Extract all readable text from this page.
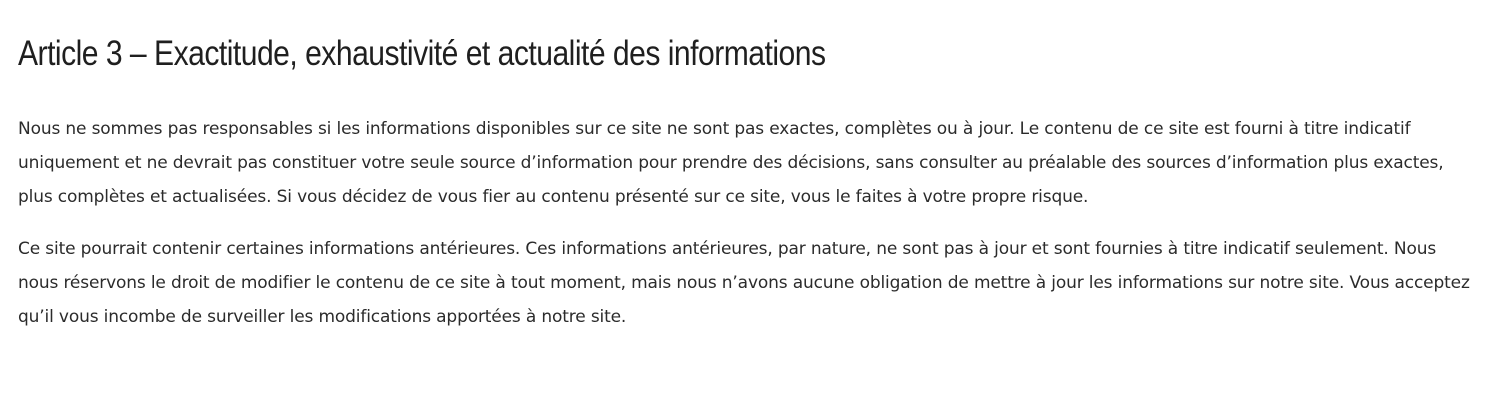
Article 3 – Exactitude, exhaustivité et actualité des informations

Nous ne sommes pas responsables si les informations disponibles sur ce site ne sont pas exactes, complètes ou à jour. Le contenu de ce site est fourni à titre indicatif uniquement et ne devrait pas constituer votre seule source d’information pour prendre des décisions, sans consulter au préalable des sources d’information plus exactes, plus complètes et actualisées. Si vous décidez de vous fier au contenu présenté sur ce site, vous le faites à votre propre risque.

Ce site pourrait contenir certaines informations antérieures. Ces informations antérieures, par nature, ne sont pas à jour et sont fournies à titre indicatif seulement. Nous nous réservons le droit de modifier le contenu de ce site à tout moment, mais nous n’avons aucune obligation de mettre à jour les informations sur notre site. Vous acceptez qu’il vous incombe de surveiller les modifications apportées à notre site.
